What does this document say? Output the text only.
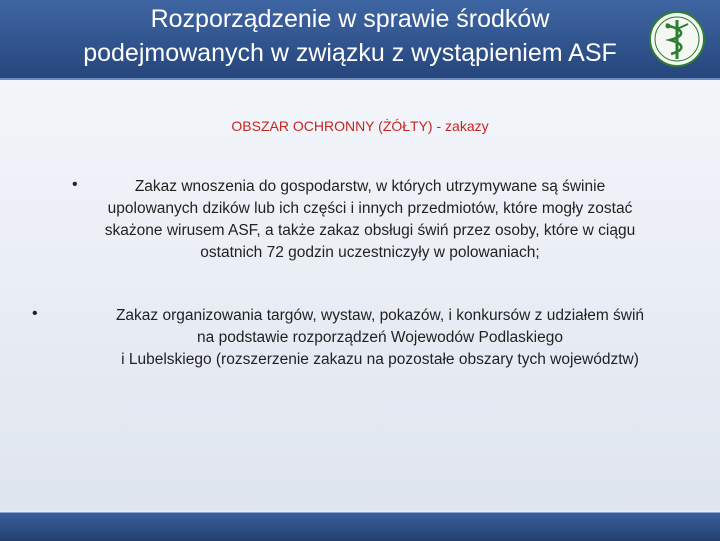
Rozporządzenie w sprawie środków
podejmowanych w związku z wystąpieniem ASF
OBSZAR OCHRONNY (ŻÓŁTY) - zakazy
•	Zakaz wnoszenia do gospodarstw, w których utrzymywane są świnie
upolowanych dzików lub ich części i innych przedmiotów, które mogły zostać
skażone wirusem ASF, a także zakaz obsługi świń przez osoby, które w ciągu
ostatnich 72 godzin uczestniczyły w polowaniach;
•	Zakaz organizowania targów, wystaw, pokazów, i konkursów z udziałem świń
na podstawie rozporządzeń Wojewodów Podlaskiego
i Lubelskiego (rozszerzenie zakazu na pozostałe obszary tych województw)
